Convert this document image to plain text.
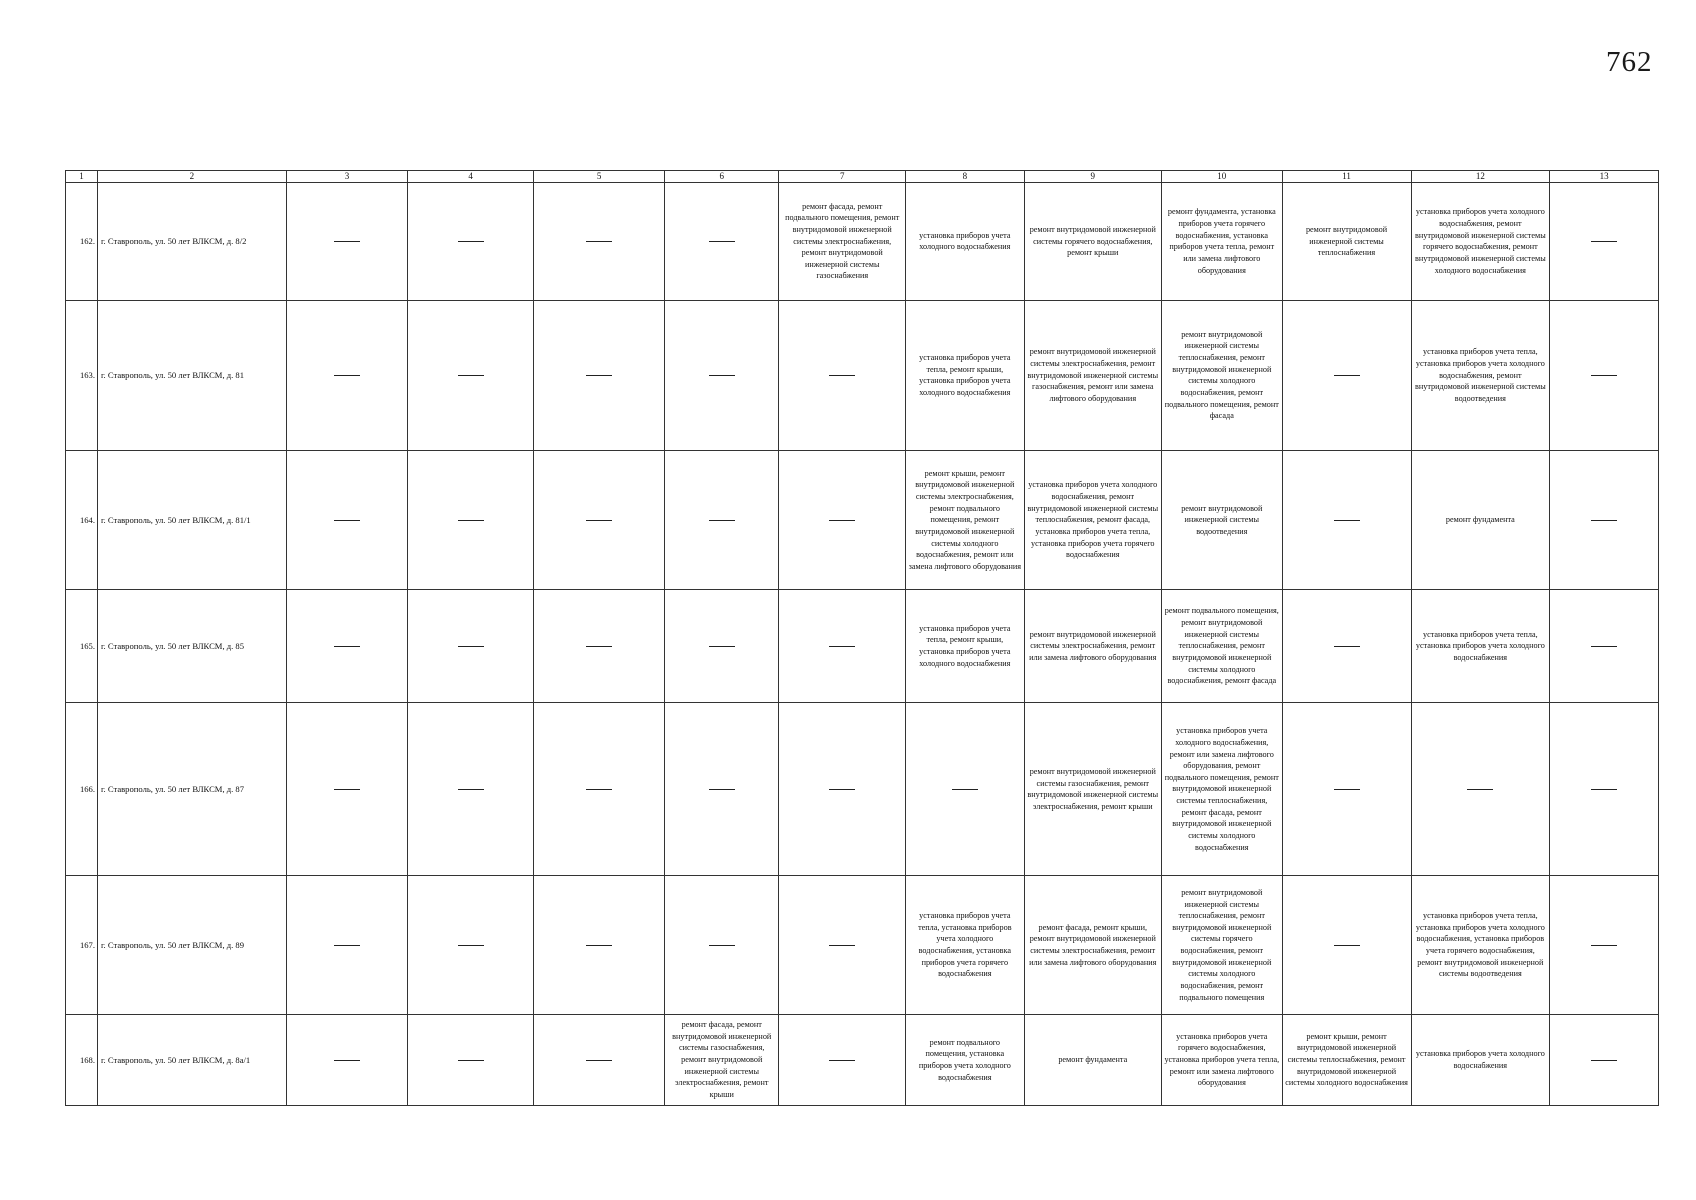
762
1	2	3	4	5	6	7	8	9	10	11	12	13
162.	г. Ставрополь, ул. 50 лет ВЛКСМ, д. 8/2					ремонт фасада, ремонт подвального помещения, ремонт внутридомовой инженерной системы электроснабжения, ремонт внутридомовой инженерной системы газоснабжения	установка приборов учета холодного водоснабжения	ремонт внутридомовой инженерной системы горячего водоснабжения, ремонт крыши	ремонт фундамента, установка приборов учета горячего водоснабжения, установка приборов учета тепла, ремонт или замена лифтового оборудования	ремонт внутридомовой инженерной системы теплоснабжения	установка приборов учета холодного водоснабжения, ремонт внутридомовой инженерной системы горячего водоснабжения, ремонт внутридомовой инженерной системы холодного водоснабжения	
163.	г. Ставрополь, ул. 50 лет ВЛКСМ, д. 81						установка приборов учета тепла, ремонт крыши, установка приборов учета холодного водоснабжения	ремонт внутридомовой инженерной системы электроснабжения, ремонт внутридомовой инженерной системы газоснабжения, ремонт или замена лифтового оборудования	ремонт внутридомовой инженерной системы теплоснабжения, ремонт внутридомовой инженерной системы холодного водоснабжения, ремонт подвального помещения, ремонт фасада		установка приборов учета тепла, установка приборов учета холодного водоснабжения, ремонт внутридомовой инженерной системы водоотведения	
164.	г. Ставрополь, ул. 50 лет ВЛКСМ, д. 81/1						ремонт крыши, ремонт внутридомовой инженерной системы электроснабжения, ремонт подвального помещения, ремонт внутридомовой инженерной системы холодного водоснабжения, ремонт или замена лифтового оборудования	установка приборов учета холодного водоснабжения, ремонт внутридомовой инженерной системы теплоснабжения, ремонт фасада, установка приборов учета тепла, установка приборов учета горячего водоснабжения	ремонт внутридомовой инженерной системы водоотведения		ремонт фундамента	
165.	г. Ставрополь, ул. 50 лет ВЛКСМ, д. 85						установка приборов учета тепла, ремонт крыши, установка приборов учета холодного водоснабжения	ремонт внутридомовой инженерной системы электроснабжения, ремонт или замена лифтового оборудования	ремонт подвального помещения, ремонт внутридомовой инженерной системы теплоснабжения, ремонт внутридомовой инженерной системы холодного водоснабжения, ремонт фасада		установка приборов учета тепла, установка приборов учета холодного водоснабжения	
166.	г. Ставрополь, ул. 50 лет ВЛКСМ, д. 87							ремонт внутридомовой инженерной системы газоснабжения, ремонт внутридомовой инженерной системы электроснабжения, ремонт крыши	установка приборов учета холодного водоснабжения, ремонт или замена лифтового оборудования, ремонт подвального помещения, ремонт внутридомовой инженерной системы теплоснабжения, ремонт фасада, ремонт внутридомовой инженерной системы холодного водоснабжения			
167.	г. Ставрополь, ул. 50 лет ВЛКСМ, д. 89						установка приборов учета тепла, установка приборов учета холодного водоснабжения, установка приборов учета горячего водоснабжения	ремонт фасада, ремонт крыши, ремонт внутридомовой инженерной системы электроснабжения, ремонт или замена лифтового оборудования	ремонт внутридомовой инженерной системы теплоснабжения, ремонт внутридомовой инженерной системы горячего водоснабжения, ремонт внутридомовой инженерной системы холодного водоснабжения, ремонт подвального помещения		установка приборов учета тепла, установка приборов учета холодного водоснабжения, установка приборов учета горячего водоснабжения, ремонт внутридомовой инженерной системы водоотведения	
168.	г. Ставрополь, ул. 50 лет ВЛКСМ, д. 8а/1				ремонт фасада, ремонт внутридомовой инженерной системы газоснабжения, ремонт внутридомовой инженерной системы электроснабжения, ремонт крыши		ремонт подвального помещения, установка приборов учета холодного водоснабжения	ремонт фундамента	установка приборов учета горячего водоснабжения, установка приборов учета тепла, ремонт или замена лифтового оборудования	ремонт крыши, ремонт внутридомовой инженерной системы теплоснабжения, ремонт внутридомовой инженерной системы холодного водоснабжения	установка приборов учета холодного водоснабжения	
